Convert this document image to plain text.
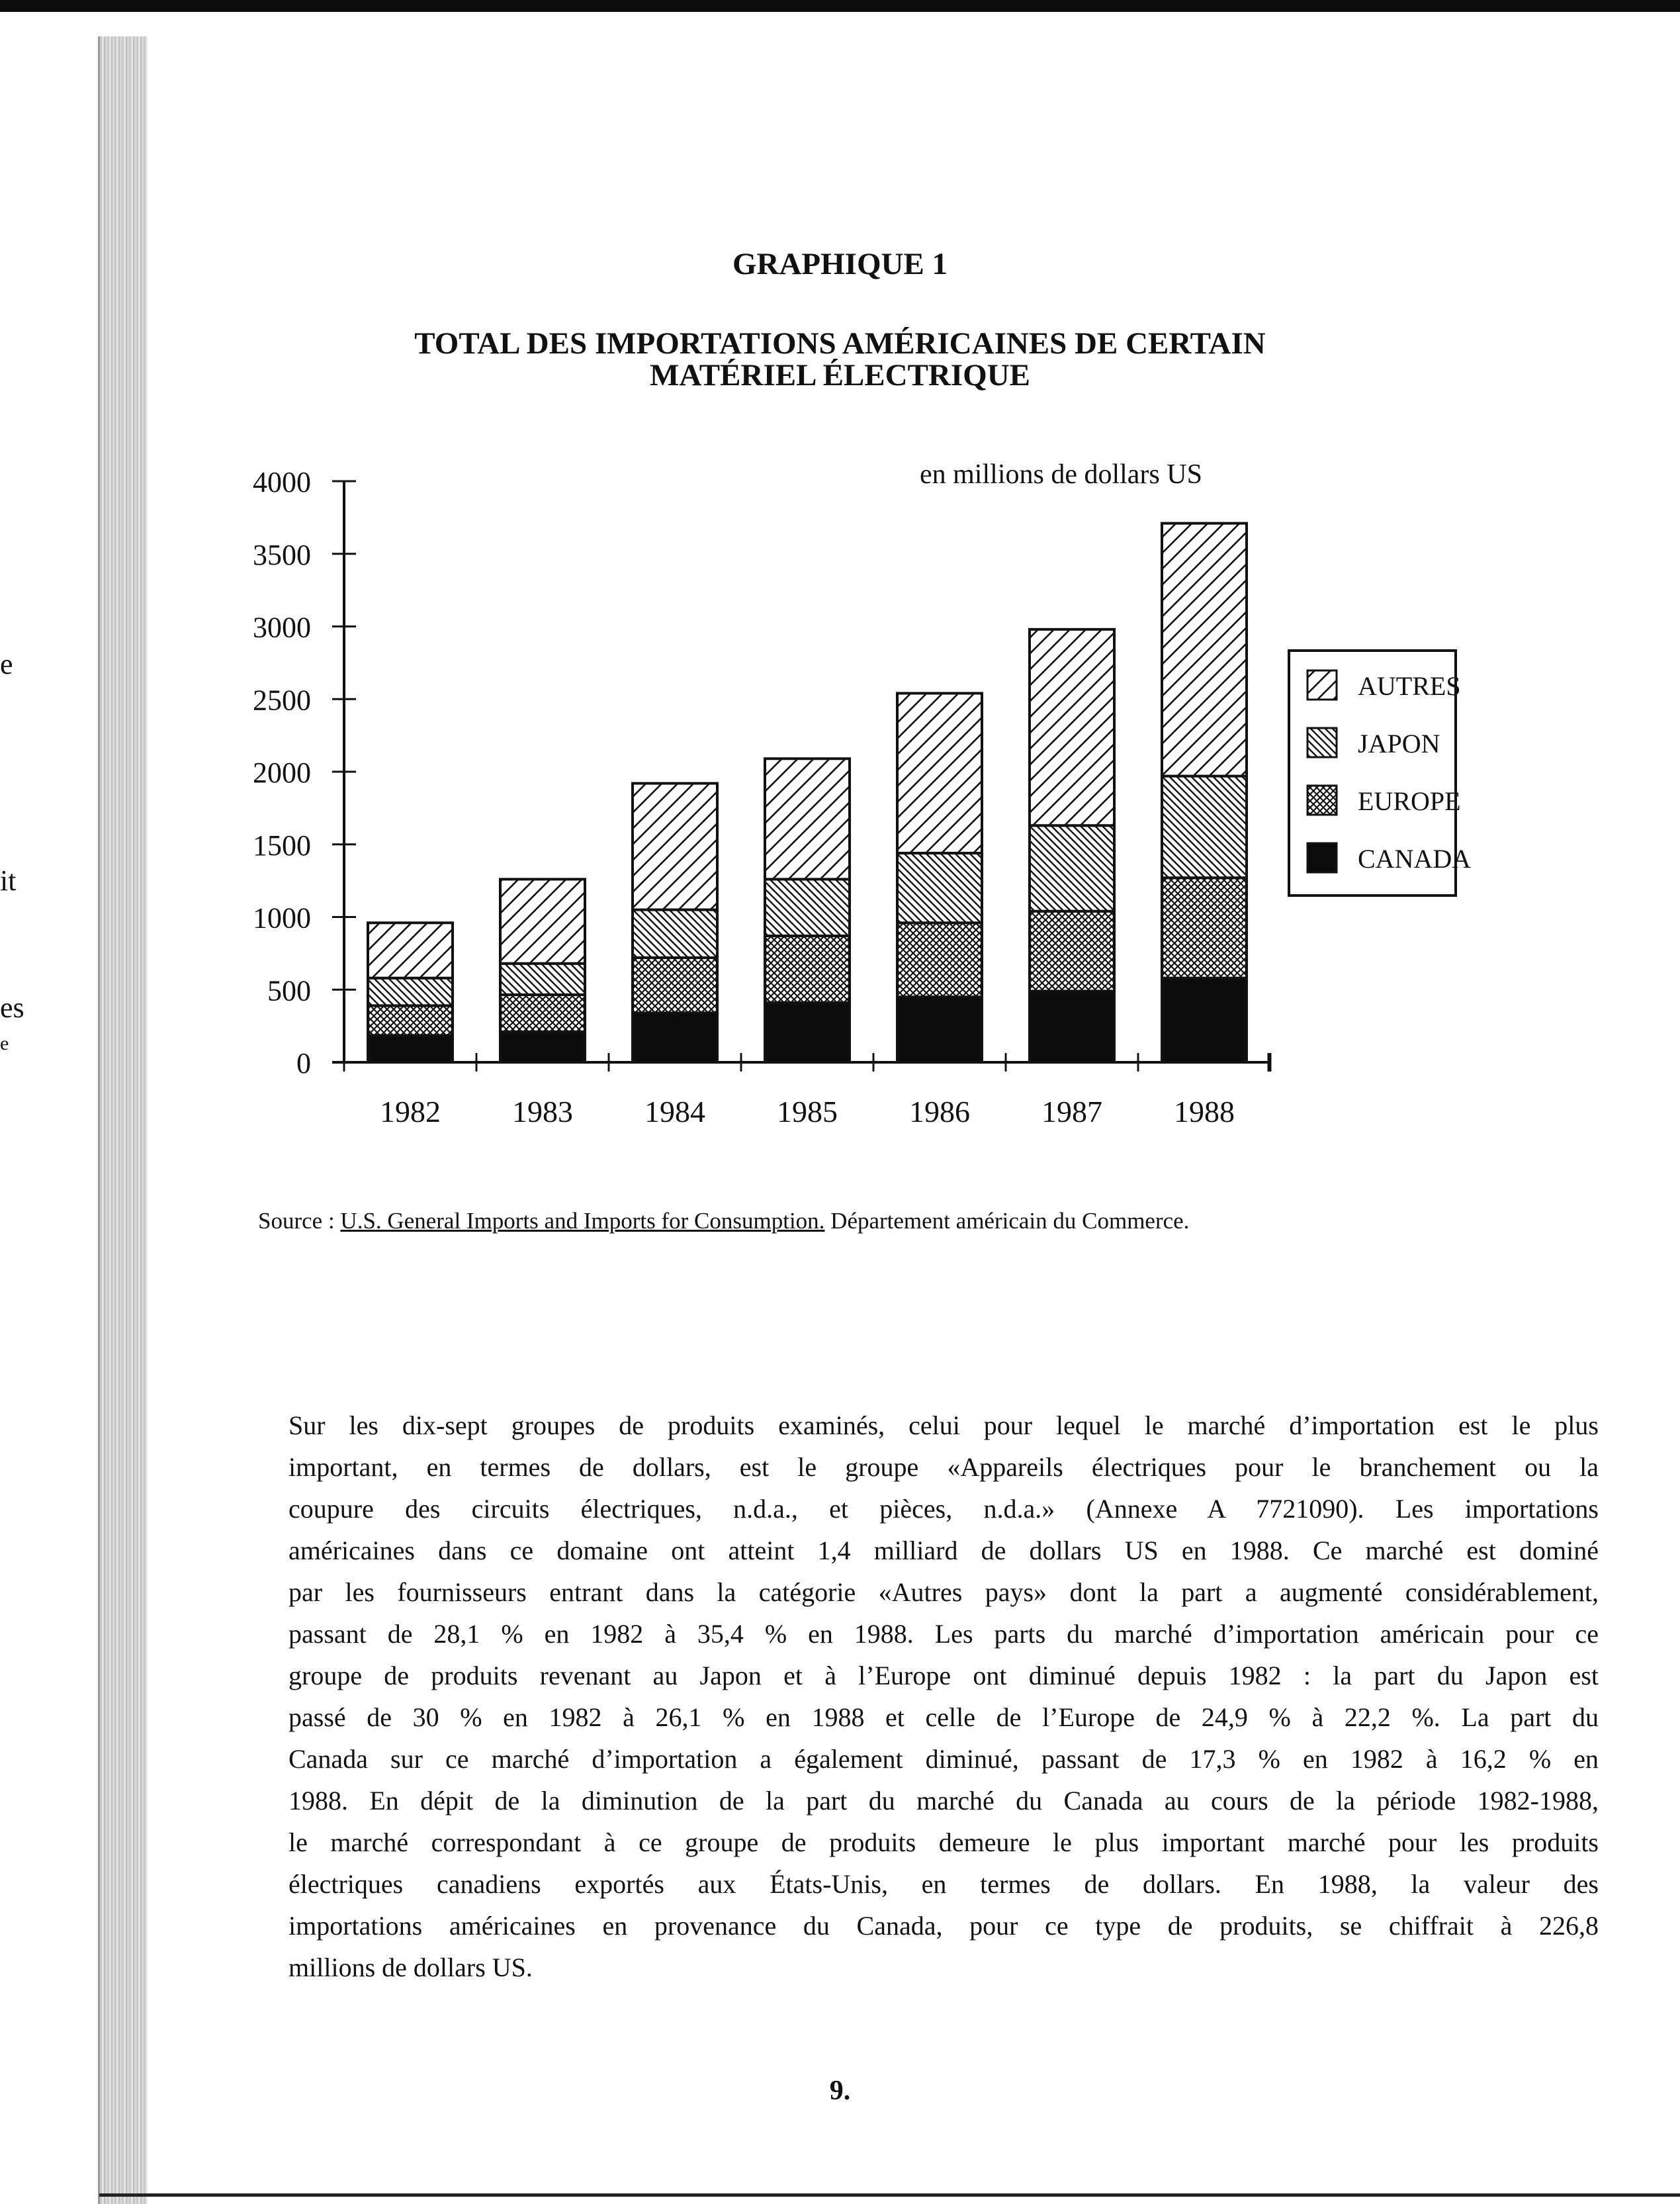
e
it
es
e
GRAPHIQUE 1
TOTAL DES IMPORTATIONS AMÉRICAINES DE CERTAIN
MATÉRIEL ÉLECTRIQUE
0
500
1000
1500
2000
2500
3000
3500
4000
1982 1983 1984 1985 1986 1987 1988
AUTRES
JAPON
EUROPE
CANADA
en millions de dollars US
Source : U.S. General Imports and Imports for Consumption. Département américain du Commerce.
Sur les dix-sept groupes de produits examinés, celui pour lequel le marché d’importation est le plus
important, en termes de dollars, est le groupe «Appareils électriques pour le branchement ou la
coupure des circuits électriques, n.d.a., et pièces, n.d.a.» (Annexe A 7721090). Les importations
américaines dans ce domaine ont atteint 1,4 milliard de dollars US en 1988. Ce marché est dominé
par les fournisseurs entrant dans la catégorie «Autres pays» dont la part a augmenté considérablement,
passant de 28,1 % en 1982 à 35,4 % en 1988. Les parts du marché d’importation américain pour ce
groupe de produits revenant au Japon et à l’Europe ont diminué depuis 1982 : la part du Japon est
passé de 30 % en 1982 à 26,1 % en 1988 et celle de l’Europe de 24,9 % à 22,2 %. La part du
Canada sur ce marché d’importation a également diminué, passant de 17,3 % en 1982 à 16,2 % en
1988. En dépit de la diminution de la part du marché du Canada au cours de la période 1982-1988,
le marché correspondant à ce groupe de produits demeure le plus important marché pour les produits
électriques canadiens exportés aux États-Unis, en termes de dollars. En 1988, la valeur des
importations américaines en provenance du Canada, pour ce type de produits, se chiffrait à 226,8
millions de dollars US.
9.
